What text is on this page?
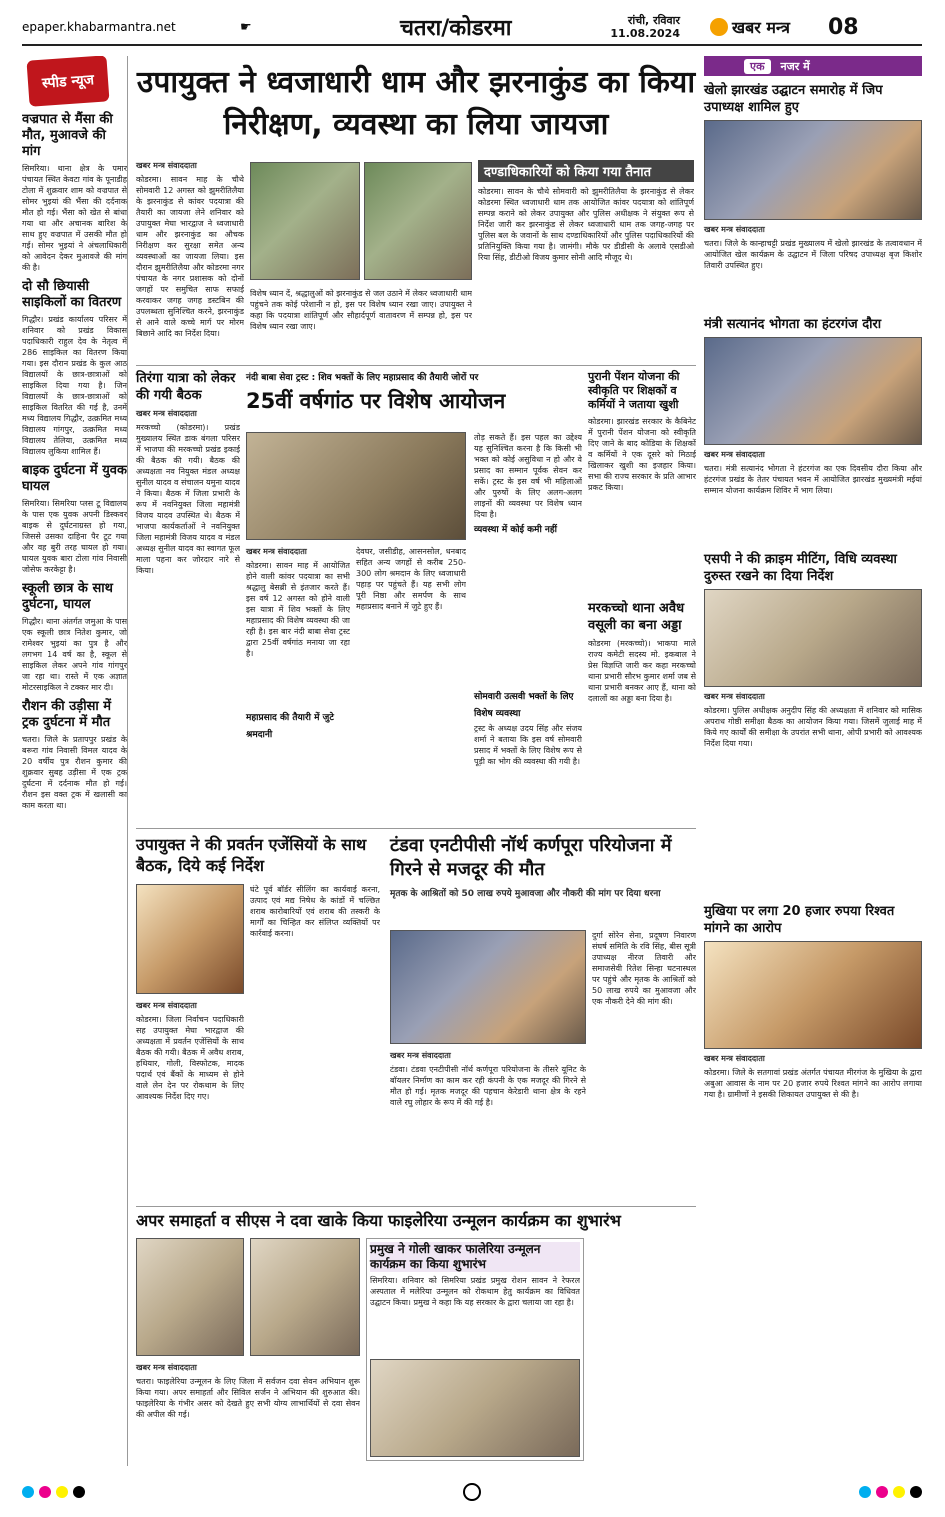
epaper.khabarmantra.net	☛	चतरा/कोडरमा	रांची, रविवार
11.08.2024	खबर मन्त्र 08
स्पीड न्यूज
वज्रपात से मैंसा की मौत, मुआवजे की मांग
सिमरिया। थाना क्षेत्र के पमार पंचायत स्थित केवटा गांव के पूनाडीह टोला में शुक्रवार शाम को वज्रपात से सोमर भुइयां की भैंसा की दर्दनाक मौत हो गई। भैंसा को खेत से बांधा गया था और अचानक बारिश के साथ हुए वज्रपात में उसकी मौत हो गई। सोमर भुइयां ने अंचलाधिकारी को आवेदन देकर मुआवजे की मांग की है।
दो सौ छियासी साइकिलों का वितरण
गिद्धौर। प्रखंड कार्यालय परिसर में शनिवार को प्रखंड विकास पदाधिकारी राहुल देव के नेतृत्व में 286 साइकिल का वितरण किया गया। इस दौरान प्रखंड के कुल आठ विद्यालयों के छात्र-छात्राओं को साइकिल दिया गया है। जिन विद्यालयों के छात्र-छात्राओं को साइकिल वितरित की गई है, उनमें मध्य विद्यालय गिद्धौर, उत्क्रमित मध्य विद्यालय गांगपुर, उत्क्रमित मध्य विद्यालय तेलिया, उत्क्रमित मध्य विद्यालय लुकिया शामिल हैं।
बाइक दुर्घटना में युवक घायल
सिमरिया। सिमरिया प्लस टू विद्यालय के पास एक युवक अपनी डिस्कवर बाइक से दुर्घटनाग्रस्त हो गया, जिससे उसका दाहिना पैर टूट गया और वह बुरी तरह घायल हो गया। घायल युवक बारा टोला गांव निवासी जोसेफ करकेट्टा है।
स्कूली छात्र के साथ दुर्घटना, घायल
गिद्धौर। थाना अंतर्गत जमुआ के पास एक स्कूली छात्र नितेश कुमार, जो रामेश्वर भुइयां का पुत्र है और लगभग 14 वर्ष का है, स्कूल से साइकिल लेकर अपने गांव गांगपुर जा रहा था। रास्ते में एक अज्ञात मोटरसाइकिल ने टक्कर मार दी।
रौशन की उड़ीसा में ट्रक दुर्घटना में मौत
चतरा। जिले के प्रतापपुर प्रखंड के बरूरा गांव निवासी विमल यादव के 20 वर्षीय पुत्र रौशन कुमार की शुक्रवार सुबह उड़ीसा में एक ट्रक दुर्घटना में दर्दनाक मौत हो गई। रौशन इस वक्त ट्रक में खलासी का काम करता था।
उपायुक्त ने ध्वजाधारी धाम और झरनाकुंड का किया निरीक्षण, व्यवस्था का लिया जायजा
खबर मन्त्र संवाददाता
कोडरमा। सावन माह के चौथे सोमवारी 12 अगस्त को झुमरीतिलैया के झरनाकुंड से कांवर पदयात्रा की तैयारी का जायजा लेने शनिवार को उपायुक्त मेघा भारद्वाज ने ध्वजाधारी धाम और झरनाकुंड का औचक निरीक्षण कर सुरक्षा समेत अन्य व्यवस्थाओं का जायजा लिया। इस दौरान झुमरीतिलैया और कोडरमा नगर पंचायत के नगर प्रशासक को दोनों जगहों पर समुचित साफ सफाई करवाकर जगह जगह डस्टबिन की उपलब्धता सुनिश्चित करने, झरनाकुंड से आने वाले कच्चे मार्ग पर मोरम बिछाने आदि का निर्देश दिया।
विशेष ध्यान दें, श्रद्धालुओं को झरनाकुंड से जल उठाने में लेकर ध्वजाधारी धाम पहुंचने तक कोई परेशानी न हो, इस पर विशेष ध्यान रखा जाए। उपायुक्त ने कहा कि पदयात्रा शांतिपूर्ण और सौहार्दपूर्ण वातावरण में सम्पन्न हो, इस पर विशेष ध्यान रखा जाए।
दण्डाधिकारियों को किया गया तैनात
कोडरमा। सावन के चौथे सोमवारी को झुमरीतिलैया के झरनाकुंड से लेकर कोडरमा स्थित ध्वजाधारी धाम तक आयोजित कांवर पदयात्रा को शांतिपूर्ण सम्पन्न कराने को लेकर उपायुक्त और पुलिस अधीक्षक ने संयुक्त रूप से निर्देश जारी कर झरनाकुंड से लेकर ध्वजाधारी धाम तक जगह-जगह पर पुलिस बल के जवानों के साथ दण्डाधिकारियों और पुलिस पदाधिकारियों की प्रतिनियुक्ति किया गया है। जामंगी। मौके पर डीडीसी के अलावे एसडीओ रिया सिंह, डीटीओ विजय कुमार सोनी आदि मौजूद थे।
तिरंगा यात्रा को लेकर की गयी बैठक
खबर मन्त्र संवाददाता
मरकच्चो (कोडरमा)। प्रखंड मुख्यालय स्थित डाक बंगला परिसर में भाजपा की मरकच्चो प्रखंड इकाई की बैठक की गयी। बैठक की अध्यक्षता नव नियुक्त मंडल अध्यक्ष सुनील यादव व संचालन यमुना यादव ने किया। बैठक में जिला प्रभारी के रूप में नवनियुक्त जिला महामंत्री विजय यादव उपस्थित थे। बैठक में भाजपा कार्यकर्ताओं ने नवनियुक्त जिला महामंत्री विजय यादव व मंडल अध्यक्ष सुनील यादव का स्वागत फूल माला पहना कर जोरदार नारे से किया।
नंदी बाबा सेवा ट्रस्ट : शिव भक्तों के लिए महाप्रसाद की तैयारी जोरों पर
25वीं वर्षगांठ पर विशेष आयोजन
खबर मन्त्र संवाददाता
कोडरमा। सावन माह में आयोजित होने वाली कांवर पदयात्रा का सभी श्रद्धालु बेसब्री से इंतजार करते हैं। इस वर्ष 12 अगस्त को होने वाली इस यात्रा में शिव भक्तों के लिए महाप्रसाद की विशेष व्यवस्था की जा रही है। इस बार नंदी बाबा सेवा ट्रस्ट द्वारा 25वीं वर्षगांठ मनाया जा रहा है।
महाप्रसाद की तैयारी में जुटे श्रमदानी
देवघर, जसीडीह, आसनसोल, धनबाद सहित अन्य जगहों से करीब 250-300 लोग श्रमदान के लिए ध्वजाधारी पहाड़ पर पहुंचते हैं। यह सभी लोग पूरी निष्ठा और समर्पण के साथ महाप्रसाद बनाने में जुटे हुए हैं।
तोड़ सकते हैं। इस पहल का उद्देश्य यह सुनिश्चित करना है कि किसी भी भक्त को कोई असुविधा न हो और वे प्रसाद का सम्मान पूर्वक सेवन कर सकें। ट्रस्ट के इस वर्ष भी महिलाओं और पुरुषों के लिए अलग-अलग लाइनों की व्यवस्था पर विशेष ध्यान दिया है।
व्यवस्था में कोई कमी नहीं
सोमवारी उत्सवी भक्तों के लिए विशेष व्यवस्था
ट्रस्ट के अध्यक्ष उदय सिंह और संजय शर्मा ने बताया कि इस वर्ष सोमवारी प्रसाद में भक्तों के लिए विशेष रूप से पूड़ी का भोग की व्यवस्था की गयी है।
पुरानी पेंशन योजना की स्वीकृति पर शिक्षकों व कर्मियों ने जताया खुशी
कोडरमा। झारखंड सरकार के कैबिनेट में पुरानी पेंशन योजना को स्वीकृति दिए जाने के बाद कोडिया के शिक्षकों व कर्मियों ने एक दूसरे को मिठाई खिलाकर खुशी का इजहार किया। सभा की राज्य सरकार के प्रति आभार प्रकट किया।
मरकच्चो थाना अवैध वसूली का बना अड्डा
कोडरमा (मरकच्चो)। भाकपा माले राज्य कमेटी सदस्य मो. इकबाल ने प्रेस विज्ञप्ति जारी कर कहा मरकच्चो थाना प्रभारी सौरभ कुमार शर्मा जब से थाना प्रभारी बनकर आए हैं, थाना को दलालों का अड्डा बना दिया है।
उपायुक्त ने की प्रवर्तन एजेंसियों के साथ बैठक, दिये कई निर्देश
खबर मन्त्र संवाददाता
कोडरमा। जिला निर्वाचन पदाधिकारी सह उपायुक्त मेघा भारद्वाज की अध्यक्षता में प्रवर्तन एजेंसियों के साथ बैठक की गयी। बैठक में अवैध शराब, हथियार, गोली, विस्फोटक, मादक पदार्थ एवं बैंकों के माध्यम से होने वाले लेन देन पर रोकथाम के लिए आवश्यक निर्देश दिए गए।
घंटे पूर्व बॉर्डर सीलिंग का कार्यवाई करना, उत्पाद एवं मद्य निषेध के कांडों में चल्छित शराब कारोबारियों एवं शराब की तस्करी के मार्गों का चिन्हित कर संलिप्त व्यक्तियों पर कार्रवाई करना।
टंडवा एनटीपीसी नॉर्थ कर्णपूरा परियोजना में गिरने से मजदूर की मौत
मृतक के आश्रितों को 50 लाख रुपये मुआवजा और नौकरी की मांग पर दिया धरना
खबर मन्त्र संवाददाता
टंडवा। टंडवा एनटीपीसी नॉर्थ कर्णपूरा परियोजना के तीसरे यूनिट के बॉयलर निर्माण का काम कर रही कंपनी के एक मजदूर की गिरने से मौत हो गई। मृतक मजदूर की पहचान केरेडारी थाना क्षेत्र के रहने वाले रघु लोहार के रूप में की गई है।
दुर्गा सोरेन सेना, प्रदूषण निवारण संघर्ष समिति के रवि सिंह, बीस सूत्री उपाध्यक्ष नीरज तिवारी और समाजसेवी रितेश सिन्हा घटनास्थल पर पहुंचे और मृतक के आश्रितों को 50 लाख रुपये का मुआवजा और एक नौकरी देने की मांग की।
अपर समाहर्ता व सीएस ने दवा खाके किया फाइलेरिया उन्मूलन कार्यक्रम का शुभारंभ
खबर मन्त्र संवाददाता
चतरा। फाइलेरिया उन्मूलन के लिए जिला में सर्वजन दवा सेवन अभियान शुरू किया गया। अपर समाहर्ता और सिविल सर्जन ने अभियान की शुरुआत की। फाइलेरिया के गंभीर असर को देखते हुए सभी योग्य लाभार्थियों से दवा सेवन की अपील की गई।
प्रमुख ने गोली खाकर फालेरिया उन्मूलन कार्यक्रम का किया शुभारंभ
सिमरिया। शनिवार को सिमरिया प्रखंड प्रमुख रोशन सावन ने रेफरल अस्पताल में मलेरिया उन्मूलन को रोकथाम हेतु कार्यक्रम का विधिवत उद्घाटन किया। प्रमुख ने कहा कि यह सरकार के द्वारा चलाया जा रहा है।
एक	नजर में
खेलो झारखंड उद्घाटन समारोह में जिप उपाध्यक्ष शामिल हुए
खबर मन्त्र संवाददाता
चतरा। जिले के कान्हाचट्टी प्रखंड मुख्यालय में खेलो झारखंड के तत्वावधान में आयोजित खेल कार्यक्रम के उद्घाटन में जिला परिषद उपाध्यक्ष बृज किशोर तिवारी उपस्थित हुए।
मंत्री सत्यानंद भोगता का हंटरगंज दौरा
खबर मन्त्र संवाददाता
चतरा। मंत्री सत्यानंद भोगता ने हंटरगंज का एक दिवसीय दौरा किया और हंटरगंज प्रखंड के तेतर पंचायत भवन में आयोजित झारखंड मुख्यमंत्री मईयां सम्मान योजना कार्यक्रम शिविर में भाग लिया।
एसपी ने की क्राइम मीटिंग, विधि व्यवस्था दुरुस्त रखने का दिया निर्देश
खबर मन्त्र संवाददाता
कोडरमा। पुलिस अधीक्षक अनुदीप सिंह की अध्यक्षता में शनिवार को मासिक अपराध गोष्ठी समीक्षा बैठक का आयोजन किया गया। जिसमें जुलाई माह में किये गए कार्यों की समीक्षा के उपरांत सभी थाना, ओपी प्रभारी को आवश्यक निर्देश दिया गया।
मुखिया पर लगा 20 हजार रुपया रिश्वत मांगने का आरोप
खबर मन्त्र संवाददाता
कोडरमा। जिले के सतगावां प्रखंड अंतर्गत पंचायत मीरगंज के मुखिया के द्वारा अबुआ आवास के नाम पर 20 हजार रुपये रिश्वत मांगने का आरोप लगाया गया है। ग्रामीणों ने इसकी शिकायत उपायुक्त से की है।
